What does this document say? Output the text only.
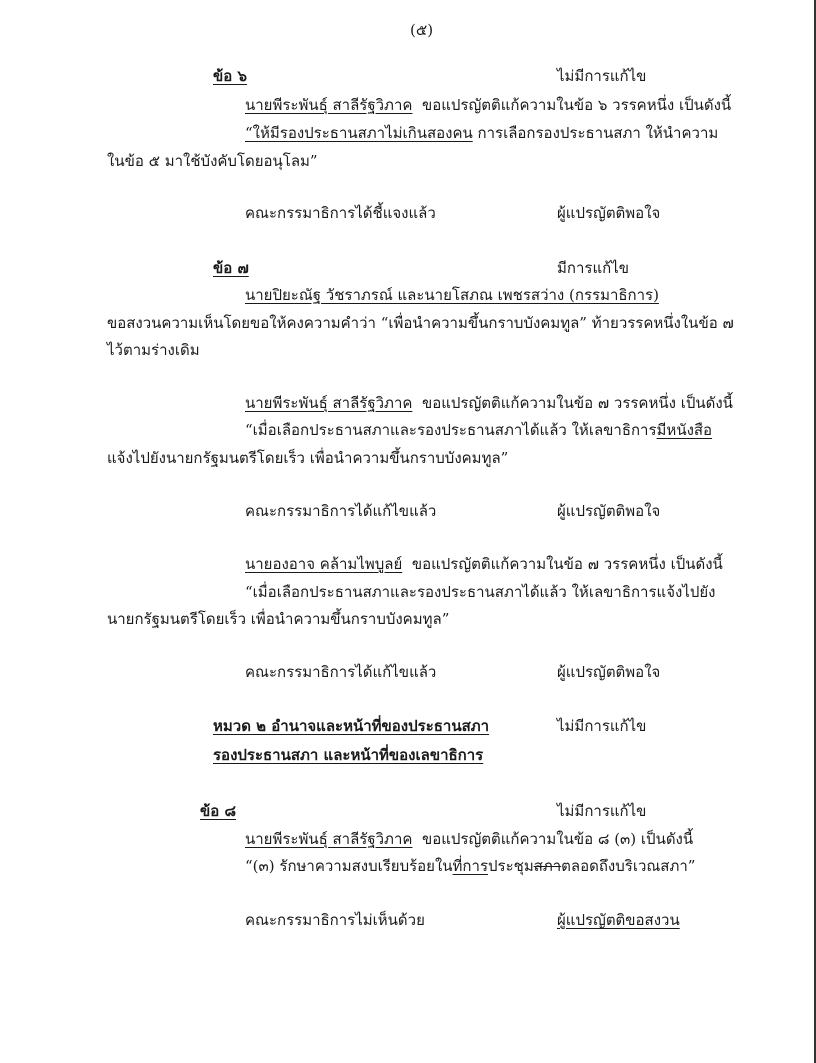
(๕)
ข้อ ๖	ไม่มีการแก้ไข
นายพีระพันธุ์ สาลีรัฐวิภาค ขอแปรญัตติแก้ความในข้อ ๖ วรรคหนึ่ง เป็นดังนี้
“ให้มีรองประธานสภาไม่เกินสองคน การเลือกรองประธานสภา ให้นำความ
ในข้อ ๕ มาใช้บังคับโดยอนุโลม”
คณะกรรมาธิการได้ชี้แจงแล้ว	ผู้แปรญัตติพอใจ
ข้อ ๗	มีการแก้ไข
นายปิยะณัฐ วัชราภรณ์ และนายโสภณ เพชรสว่าง (กรรมาธิการ)
ขอสงวนความเห็นโดยขอให้คงความคำว่า “เพื่อนำความขึ้นกราบบังคมทูล” ท้ายวรรคหนึ่งในข้อ ๗
ไว้ตามร่างเดิม
นายพีระพันธุ์ สาลีรัฐวิภาค ขอแปรญัตติแก้ความในข้อ ๗ วรรคหนึ่ง เป็นดังนี้
“เมื่อเลือกประธานสภาและรองประธานสภาได้แล้ว ให้เลขาธิการมีหนังสือ
แจ้งไปยังนายกรัฐมนตรีโดยเร็ว เพื่อนำความขึ้นกราบบังคมทูล”
คณะกรรมาธิการได้แก้ไขแล้ว	ผู้แปรญัตติพอใจ
นายองอาจ คล้ามไพบูลย์ ขอแปรญัตติแก้ความในข้อ ๗ วรรคหนึ่ง เป็นดังนี้
“เมื่อเลือกประธานสภาและรองประธานสภาได้แล้ว ให้เลขาธิการแจ้งไปยัง
นายกรัฐมนตรีโดยเร็ว เพื่อนำความขึ้นกราบบังคมทูล”
คณะกรรมาธิการได้แก้ไขแล้ว	ผู้แปรญัตติพอใจ
หมวด ๒ อำนาจและหน้าที่ของประธานสภา	ไม่มีการแก้ไข
รองประธานสภา และหน้าที่ของเลขาธิการ
ข้อ ๘	ไม่มีการแก้ไข
นายพีระพันธุ์ สาลีรัฐวิภาค ขอแปรญัตติแก้ความในข้อ ๘ (๓) เป็นดังนี้
“(๓) รักษาความสงบเรียบร้อยในที่การประชุมสภาตลอดถึงบริเวณสภา”
คณะกรรมาธิการไม่เห็นด้วย	ผู้แปรญัตติขอสงวน
